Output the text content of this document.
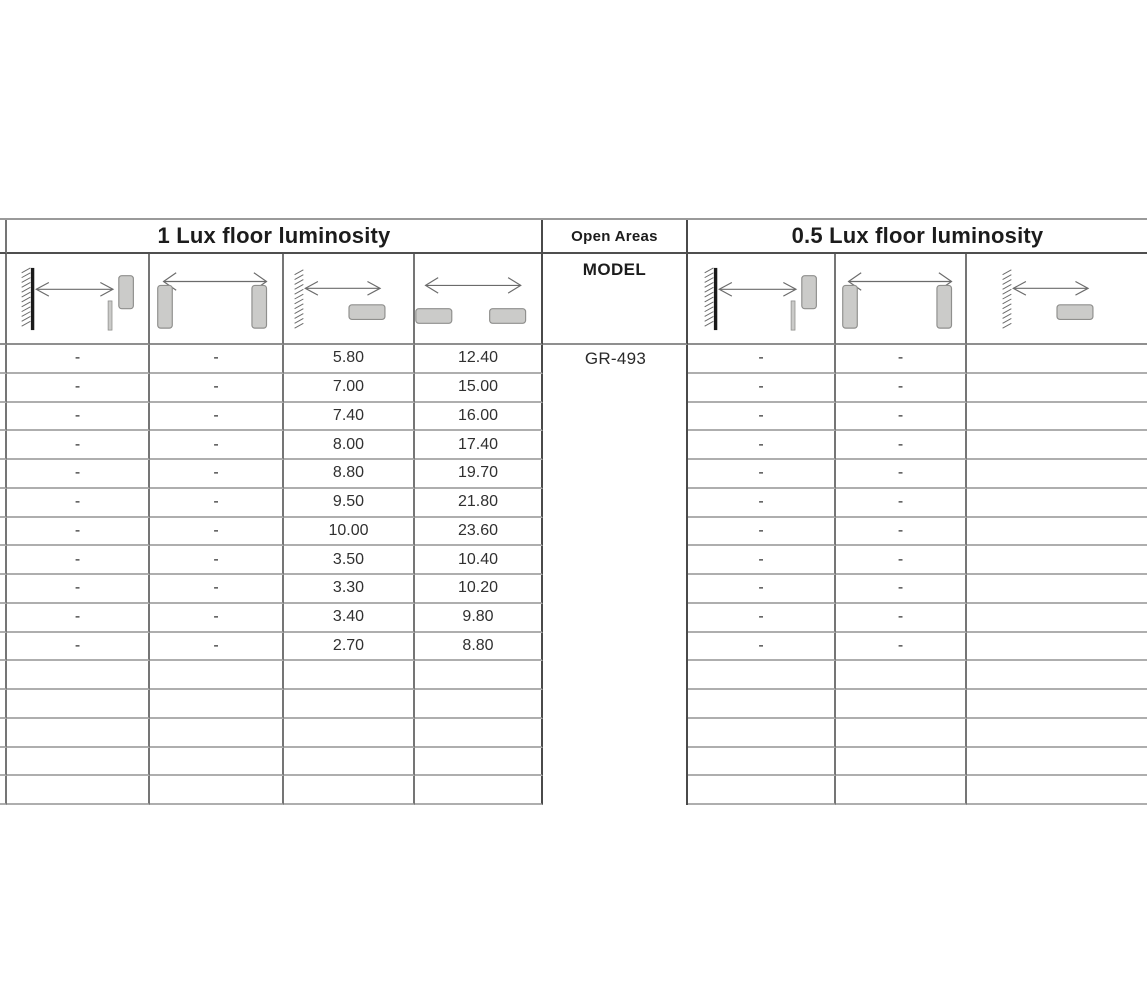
1 Lux floor luminosity	Open Areas	0.5 Lux floor luminosity
MODEL
GR-493
-	-	5.80	12.40	-	-
-	-	7.00	15.00	-	-
-	-	7.40	16.00	-	-
-	-	8.00	17.40	-	-
-	-	8.80	19.70	-	-
-	-	9.50	21.80	-	-
-	-	10.00	23.60	-	-
-	-	3.50	10.40	-	-
-	-	3.30	10.20	-	-
-	-	3.40	9.80	-	-
-	-	2.70	8.80	-	-
